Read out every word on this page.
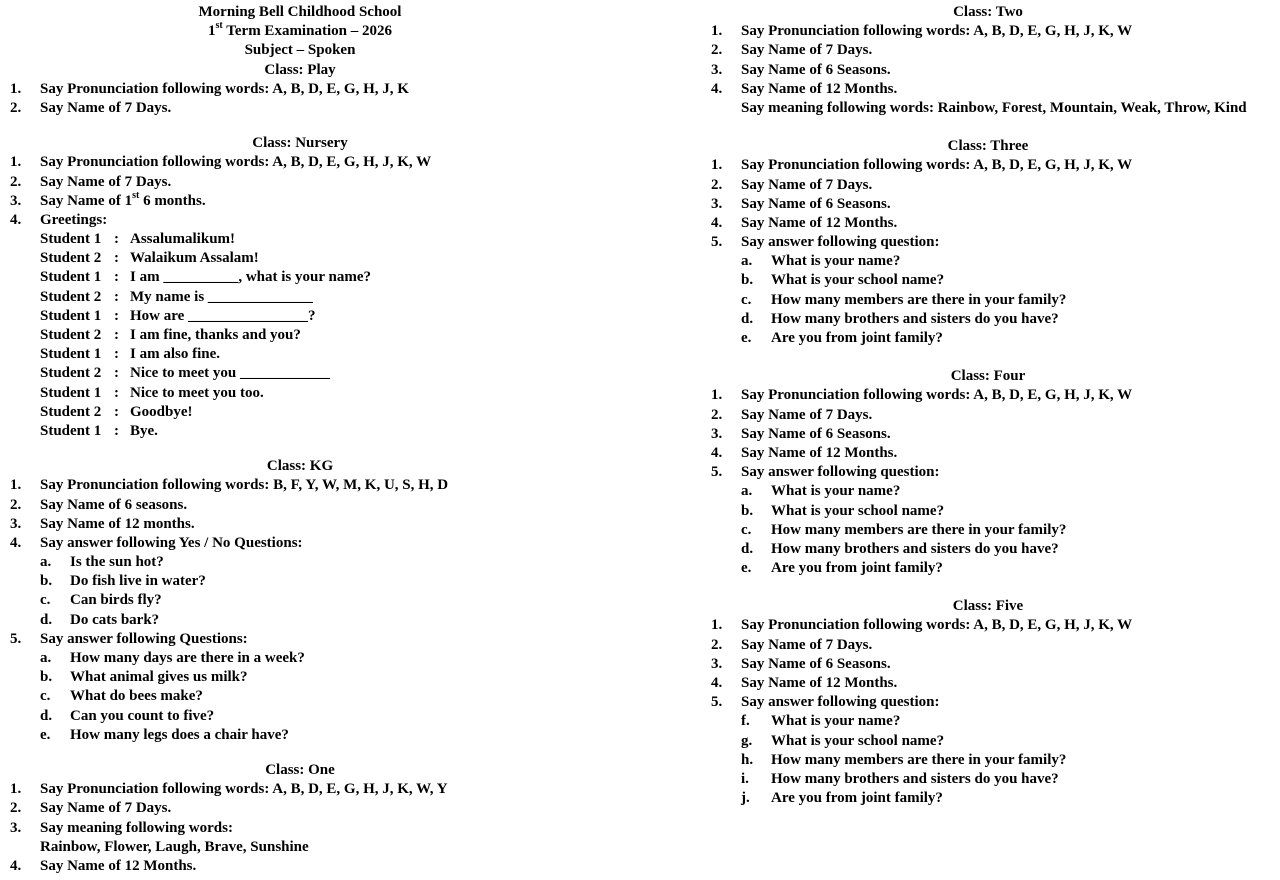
Morning Bell Childhood School
1st Term Examination – 2026
Subject – Spoken
Class: Play
1. Say Pronunciation following words: A, B, D, E, G, H, J, K
2. Say Name of 7 Days.
Class: Nursery
1. Say Pronunciation following words: A, B, D, E, G, H, J, K, W
2. Say Name of 7 Days.
3. Say Name of 1st 6 months.
4. Greetings:
Student 1 : Assalumalikum!
Student 2 : Walaikum Assalam!
Student 1 : I am __________, what is your name?
Student 2 : My name is ______________
Student 1 : How are ________________?
Student 2 : I am fine, thanks and you?
Student 1 : I am also fine.
Student 2 : Nice to meet you ____________
Student 1 : Nice to meet you too.
Student 2 : Goodbye!
Student 1 : Bye.
Class: KG
1. Say Pronunciation following words: B, F, Y, W, M, K, U, S, H, D
2. Say Name of 6 seasons.
3. Say Name of 12 months.
4. Say answer following Yes / No Questions:
a. Is the sun hot?
b. Do fish live in water?
c. Can birds fly?
d. Do cats bark?
5. Say answer following Questions:
a. How many days are there in a week?
b. What animal gives us milk?
c. What do bees make?
d. Can you count to five?
e. How many legs does a chair have?
Class: One
1. Say Pronunciation following words: A, B, D, E, G, H, J, K, W, Y
2. Say Name of 7 Days.
3. Say meaning following words:
Rainbow, Flower, Laugh, Brave, Sunshine
4. Say Name of 12 Months.
Class: Two
1. Say Pronunciation following words: A, B, D, E, G, H, J, K, W
2. Say Name of 7 Days.
3. Say Name of 6 Seasons.
4. Say Name of 12 Months.
Say meaning following words: Rainbow, Forest, Mountain, Weak, Throw, Kind
Class: Three
1. Say Pronunciation following words: A, B, D, E, G, H, J, K, W
2. Say Name of 7 Days.
3. Say Name of 6 Seasons.
4. Say Name of 12 Months.
5. Say answer following question:
a. What is your name?
b. What is your school name?
c. How many members are there in your family?
d. How many brothers and sisters do you have?
e. Are you from joint family?
Class: Four
1. Say Pronunciation following words: A, B, D, E, G, H, J, K, W
2. Say Name of 7 Days.
3. Say Name of 6 Seasons.
4. Say Name of 12 Months.
5. Say answer following question:
a. What is your name?
b. What is your school name?
c. How many members are there in your family?
d. How many brothers and sisters do you have?
e. Are you from joint family?
Class: Five
1. Say Pronunciation following words: A, B, D, E, G, H, J, K, W
2. Say Name of 7 Days.
3. Say Name of 6 Seasons.
4. Say Name of 12 Months.
5. Say answer following question:
f. What is your name?
g. What is your school name?
h. How many members are there in your family?
i. How many brothers and sisters do you have?
j. Are you from joint family?
